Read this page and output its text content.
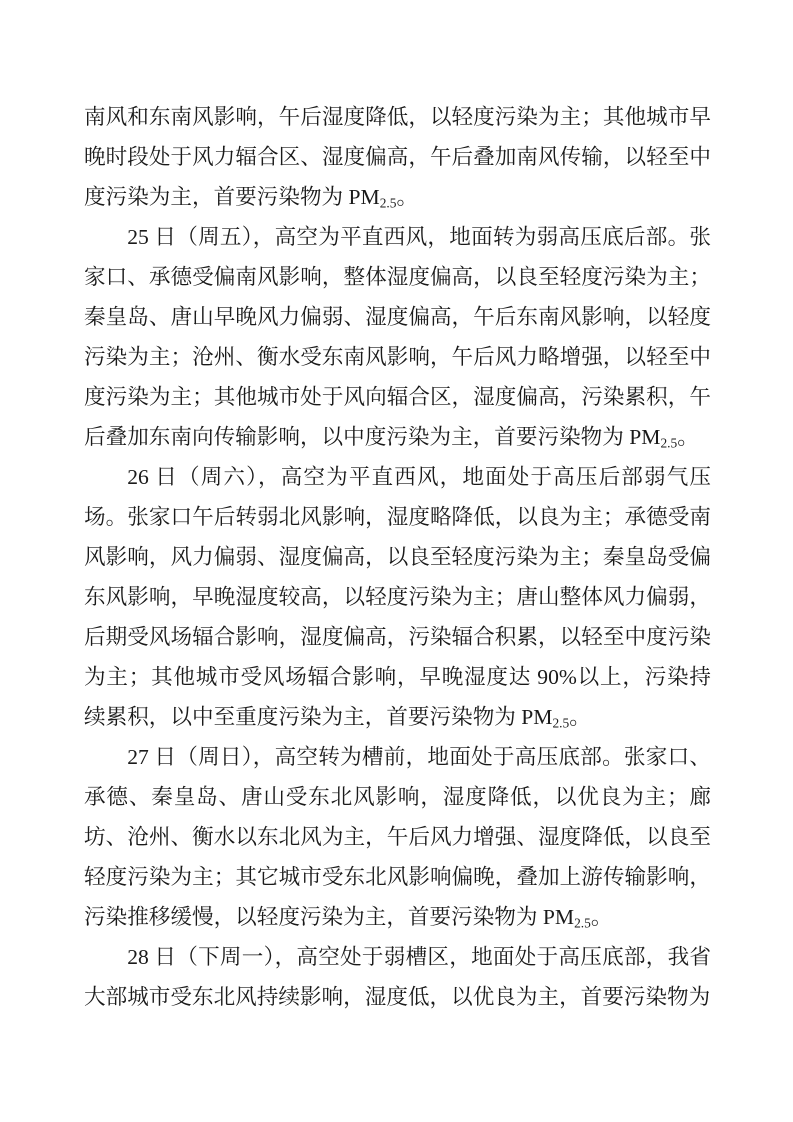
南风和东南风影响，午后湿度降低，以轻度污染为主；其他城市早晚时段处于风力辐合区、湿度偏高，午后叠加南风传输，以轻至中度污染为主，首要污染物为 $PM_{2.5}$。

25 日（周五），高空为平直西风，地面转为弱高压底后部。张家口、承德受偏南风影响，整体湿度偏高，以良至轻度污染为主；秦皇岛、唐山早晚风力偏弱、湿度偏高，午后东南风影响，以轻度污染为主；沧州、衡水受东南风影响，午后风力略增强，以轻至中度污染为主；其他城市处于风向辐合区，湿度偏高，污染累积，午后叠加东南向传输影响，以中度污染为主，首要污染物为 $PM_{2.5}$。

26 日（周六），高空为平直西风，地面处于高压后部弱气压场。张家口午后转弱北风影响，湿度略降低，以良为主；承德受南风影响，风力偏弱、湿度偏高，以良至轻度污染为主；秦皇岛受偏东风影响，早晚湿度较高，以轻度污染为主；唐山整体风力偏弱，后期受风场辐合影响，湿度偏高，污染辐合积累，以轻至中度污染为主；其他城市受风场辐合影响，早晚湿度达 90%以上，污染持续累积，以中至重度污染为主，首要污染物为 $PM_{2.5}$。

27 日（周日），高空转为槽前，地面处于高压底部。张家口、承德、秦皇岛、唐山受东北风影响，湿度降低，以优良为主；廊坊、沧州、衡水以东北风为主，午后风力增强、湿度降低，以良至轻度污染为主；其它城市受东北风影响偏晚，叠加上游传输影响，污染推移缓慢，以轻度污染为主，首要污染物为 $PM_{2.5}$。

28 日（下周一），高空处于弱槽区，地面处于高压底部，我省大部城市受东北风持续影响，湿度低，以优良为主，首要污染物为
